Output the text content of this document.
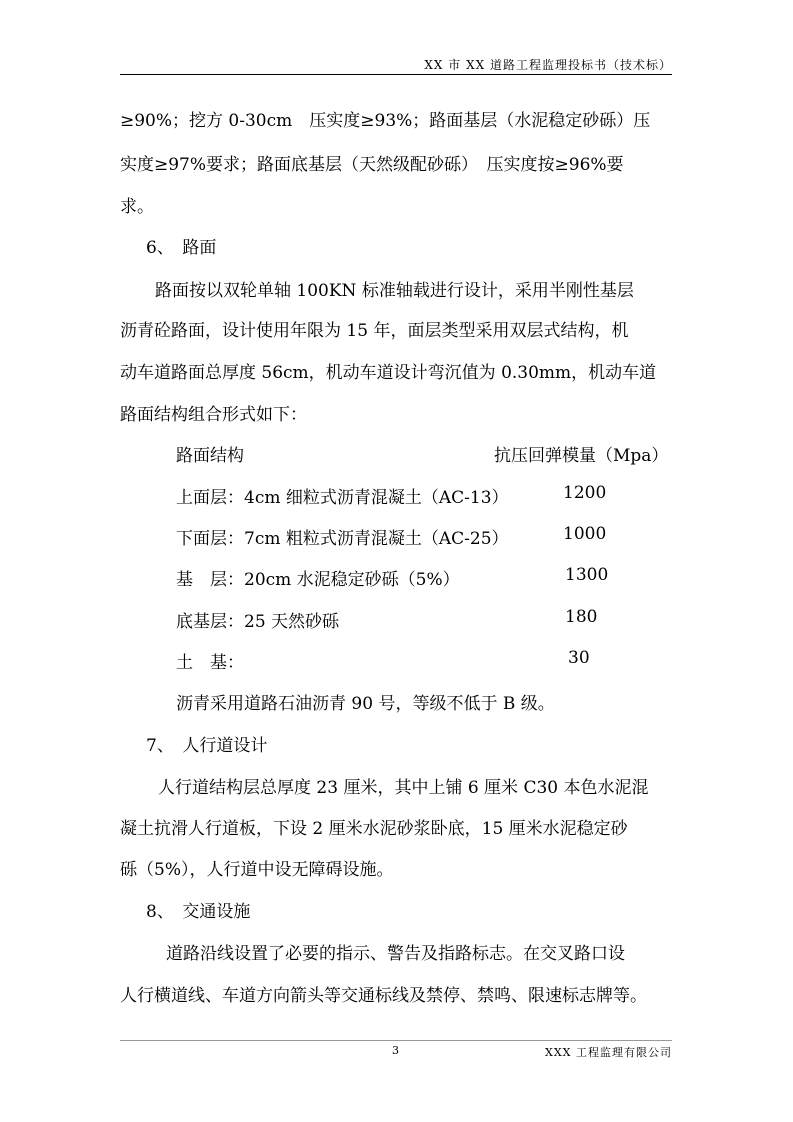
XX 市 XX 道路工程监理投标书（技术标）
≥90%；挖方 0-30cm　压实度≥93%；路面基层（水泥稳定砂砾）压
实度≥97%要求；路面底基层（天然级配砂砾）　压实度按≥96%要
求。
6、　路面
路面按以双轮单轴 100KN 标准轴载进行设计，采用半刚性基层
沥青砼路面，设计使用年限为 15 年，面层类型采用双层式结构，机
动车道路面总厚度 56cm，机动车道设计弯沉值为 0.30mm，机动车道
路面结构组合形式如下：
路面结构	抗压回弹模量（Mpa）
上面层：4cm 细粒式沥青混凝土（AC-13）	1200
下面层：7cm 粗粒式沥青混凝土（AC-25）	1000
基　层：20cm 水泥稳定砂砾（5%）	1300
底基层：25 天然砂砾	180
土　基：	30
沥青采用道路石油沥青 90 号，等级不低于 B 级。
7、　人行道设计
人行道结构层总厚度 23 厘米，其中上铺 6 厘米 C30 本色水泥混
凝土抗滑人行道板，下设 2 厘米水泥砂浆卧底，15 厘米水泥稳定砂
砾（5%），人行道中设无障碍设施。
8、　交通设施
道路沿线设置了必要的指示、警告及指路标志。在交叉路口设
人行横道线、车道方向箭头等交通标线及禁停、禁鸣、限速标志牌等。
3	XXX 工程监理有限公司
